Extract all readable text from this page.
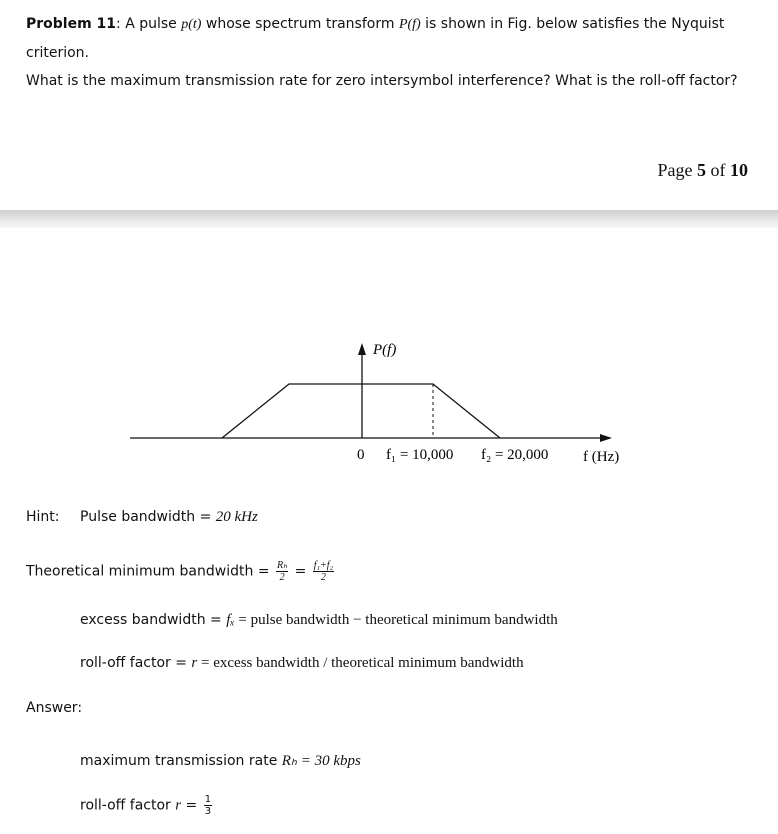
Problem 11: A pulse p(t) whose spectrum transform P(f) is shown in Fig. below satisfies the Nyquist criterion.
What is the maximum transmission rate for zero intersymbol interference? What is the roll-off factor?
Page 5 of 10
P(f)
0 f₁ = 10,000 f₂ = 20,000 f (Hz)
Hint: Pulse bandwidth = 20 kHz
Theoretical minimum bandwidth = $\frac{\text{Rₕ}}{2} = \frac{\text{f₁+f₂}}{2}$
excess bandwidth = fₓ = pulse bandwidth − theoretical minimum bandwidth
roll-off factor = r = excess bandwidth / theoretical minimum bandwidth
Answer:
maximum transmission rate Rₕ = 30 kbps
roll-off factor $r = \frac{1}{3}$
